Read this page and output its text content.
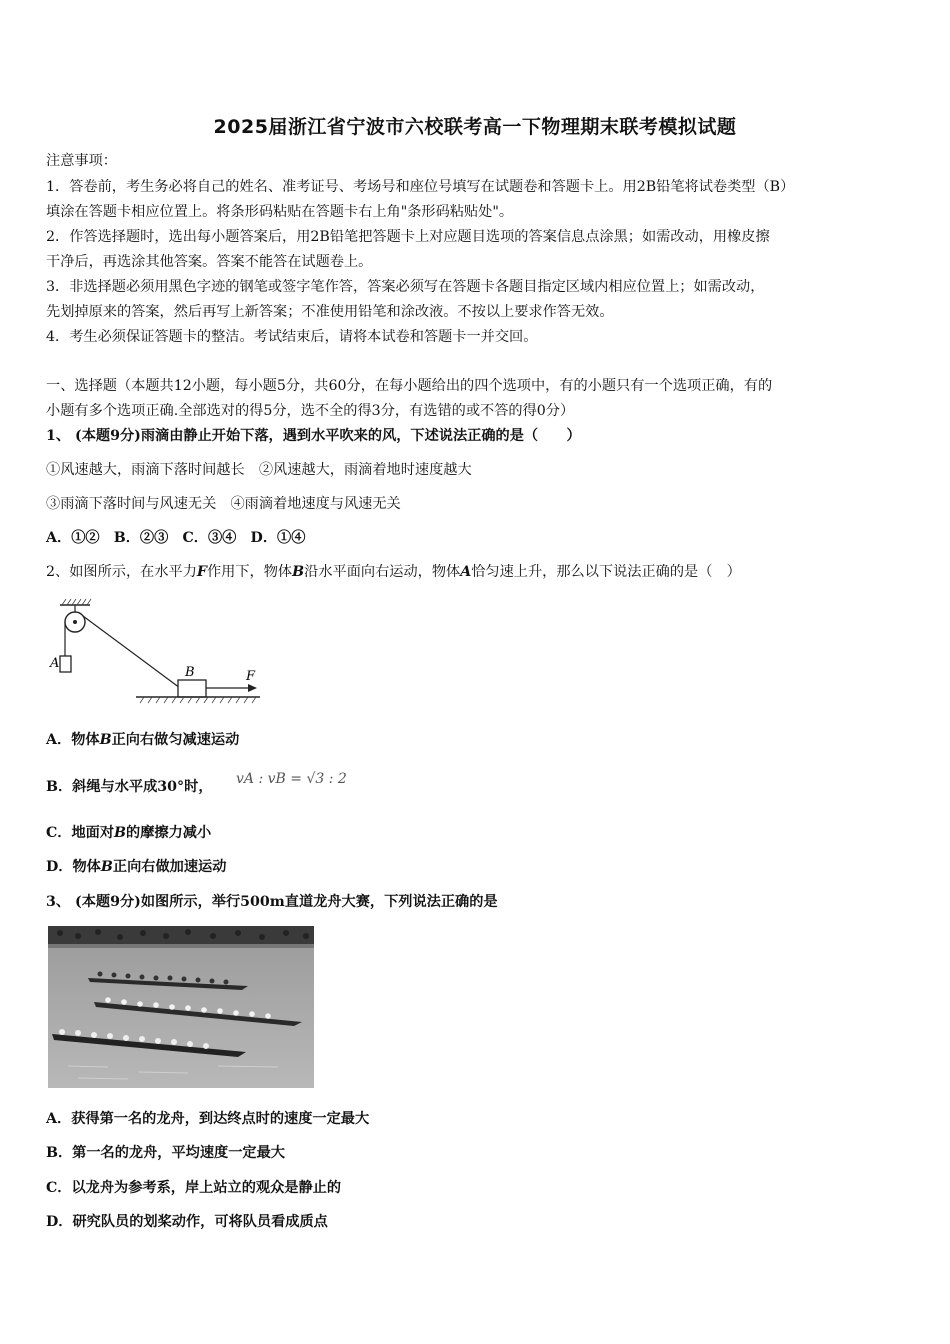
2025届浙江省宁波市六校联考高一下物理期末联考模拟试题
注意事项：
1．答卷前，考生务必将自己的姓名、准考证号、考场号和座位号填写在试题卷和答题卡上。用2B铅笔将试卷类型（B）
填涂在答题卡相应位置上。将条形码粘贴在答题卡右上角"条形码粘贴处"。
2．作答选择题时，选出每小题答案后，用2B铅笔把答题卡上对应题目选项的答案信息点涂黑；如需改动，用橡皮擦
干净后，再选涂其他答案。答案不能答在试题卷上。
3．非选择题必须用黑色字迹的钢笔或签字笔作答，答案必须写在答题卡各题目指定区域内相应位置上；如需改动，
先划掉原来的答案，然后再写上新答案；不准使用铅笔和涂改液。不按以上要求作答无效。
4．考生必须保证答题卡的整洁。考试结束后，请将本试卷和答题卡一并交回。
一、选择题（本题共12小题，每小题5分，共60分，在每小题给出的四个选项中，有的小题只有一个选项正确，有的
小题有多个选项正确.全部选对的得5分，选不全的得3分，有选错的或不答的得0分）
1、 (本题9分)雨滴由静止开始下落，遇到水平吹来的风，下述说法正确的是（　　）
①风速越大，雨滴下落时间越长　②风速越大，雨滴着地时速度越大
③雨滴下落时间与风速无关　④雨滴着地速度与风速无关
A．①②　B．②③　C．③④　D．①④
2、如图所示，在水平力F作用下，物体B沿水平面向右运动，物体A恰匀速上升，那么以下说法正确的是（　）
A
B	F
A．物体B正向右做匀减速运动
B．斜绳与水平成30°时， vA : vB = √3 : 2
C．地面对B的摩擦力减小
D．物体B正向右做加速运动
3、 (本题9分)如图所示，举行500m直道龙舟大赛，下列说法正确的是
A．获得第一名的龙舟，到达终点时的速度一定最大
B．第一名的龙舟，平均速度一定最大
C．以龙舟为参考系，岸上站立的观众是静止的
D．研究队员的划桨动作，可将队员看成质点
